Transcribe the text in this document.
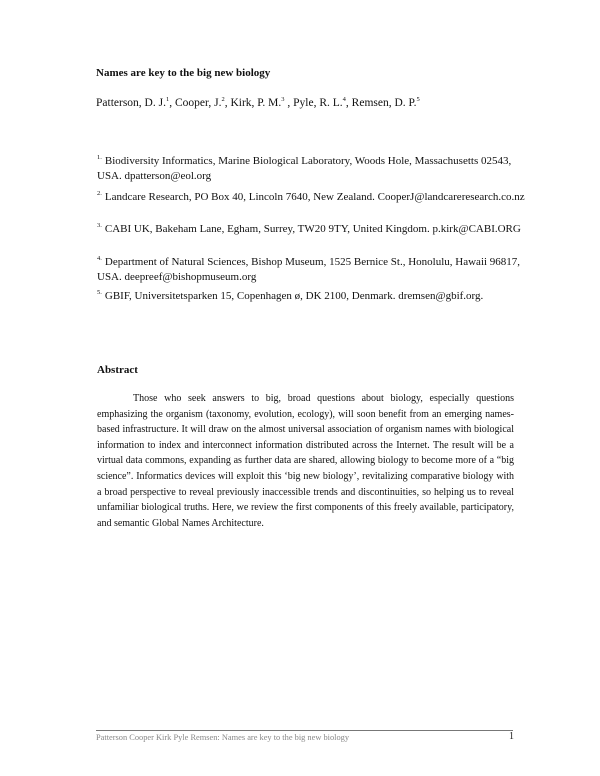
Names are key to the big new biology
Patterson, D. J.$^1$, Cooper, J.$^2$, Kirk, P. M.$^3$ , Pyle, R. L.$^4$, Remsen, D. P.$^5$
$^{1.}$ Biodiversity Informatics, Marine Biological Laboratory, Woods Hole, Massachusetts 02543, USA. dpatterson@eol.org
$^{2.}$ Landcare Research, PO Box 40, Lincoln 7640, New Zealand. CooperJ@landcareresearch.co.nz
$^{3.}$ CABI UK, Bakeham Lane, Egham, Surrey, TW20 9TY, United Kingdom. p.kirk@CABI.ORG
$^{4.}$ Department of Natural Sciences, Bishop Museum, 1525 Bernice St., Honolulu, Hawaii 96817, USA. deepreef@bishopmuseum.org
$^{5.}$ GBIF, Universitetsparken 15, Copenhagen ø, DK 2100, Denmark. dremsen@gbif.org.
Abstract
Those who seek answers to big, broad questions about biology, especially questions emphasizing the organism (taxonomy, evolution, ecology), will soon benefit from an emerging names-based infrastructure. It will draw on the almost universal association of organism names with biological information to index and interconnect information distributed across the Internet. The result will be a virtual data commons, expanding as further data are shared, allowing biology to become more of a “big science”. Informatics devices will exploit this ‘big new biology’, revitalizing comparative biology with a broad perspective to reveal previously inaccessible trends and discontinuities, so helping us to reveal unfamiliar biological truths. Here, we review the first components of this freely available, participatory, and semantic Global Names Architecture.
Patterson Cooper Kirk Pyle Remsen: Names are key to the big new biology	1
